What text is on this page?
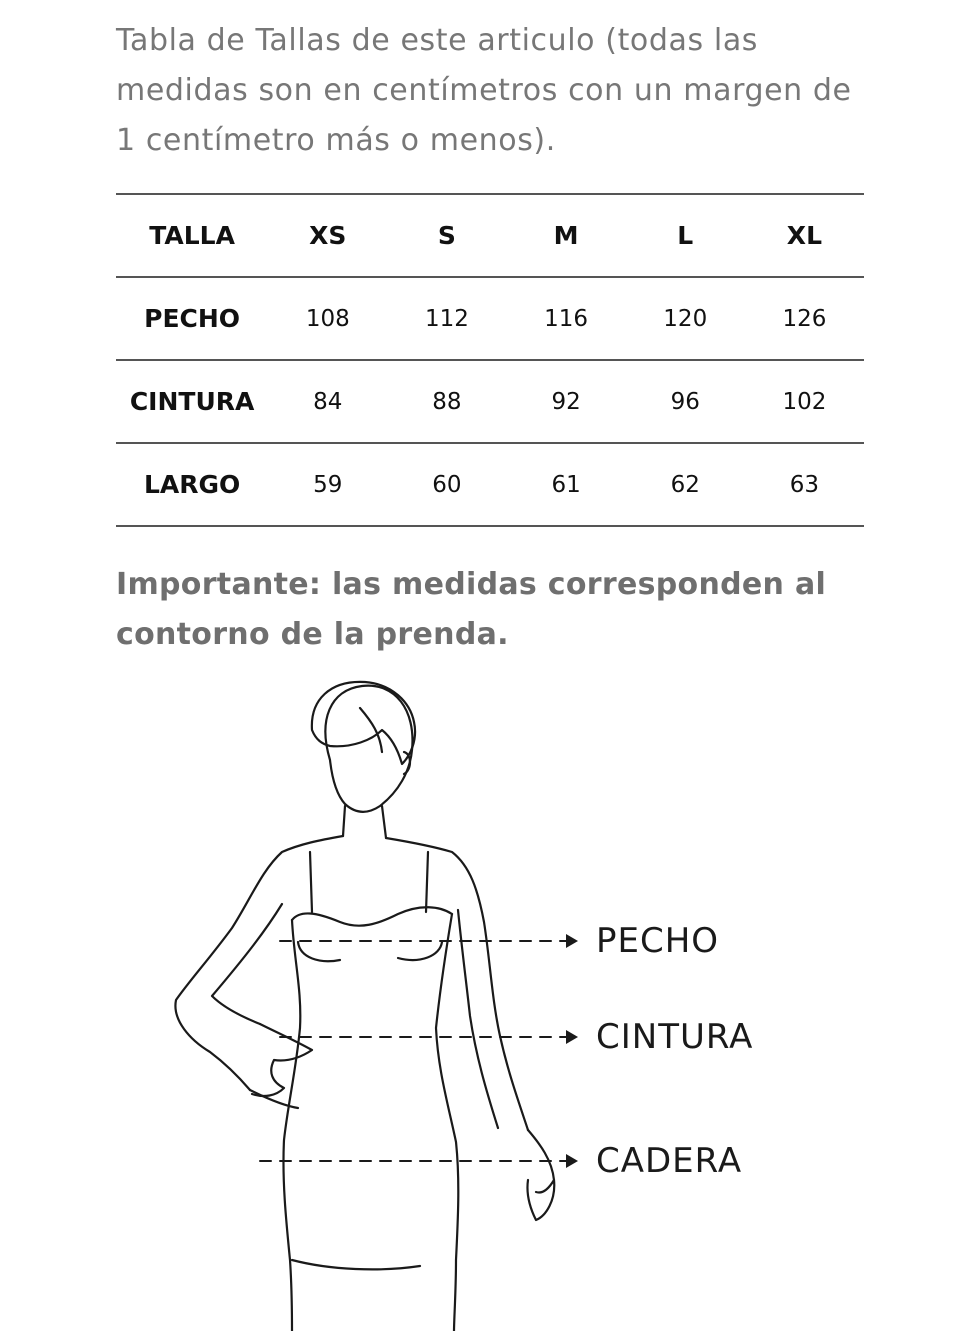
Tabla de Tallas de este articulo (todas las medidas son en centímetros con un margen de 1 centímetro más o menos).

TALLA	XS	S	M	L	XL
PECHO	108	112	116	120	126
CINTURA	84	88	92	96	102
LARGO	59	60	61	62	63

Importante: las medidas corresponden al contorno de la prenda.

PECHO
CINTURA
CADERA
